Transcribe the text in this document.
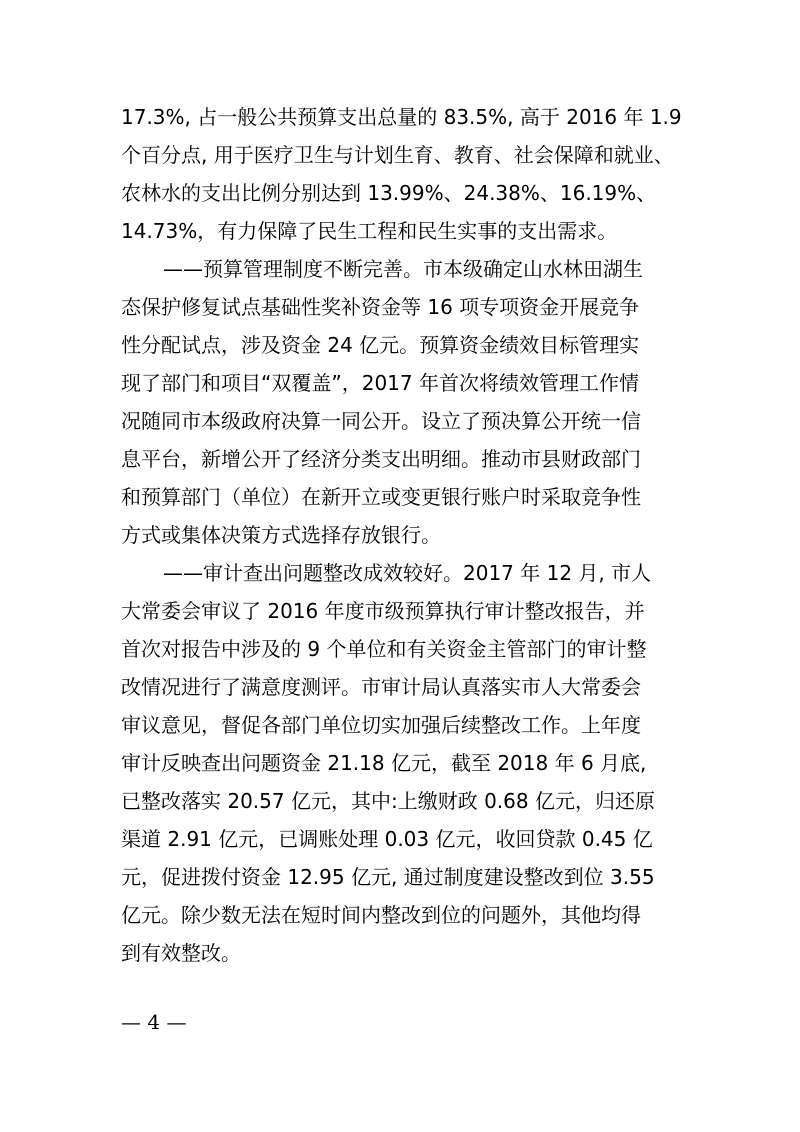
17.3%, 占一般公共预算支出总量的 83.5%, 高于 2016 年 1.9
个百分点, 用于医疗卫生与计划生育、教育、社会保障和就业、
农林水的支出比例分别达到 13.99%、24.38%、16.19%、
14.73%，有力保障了民生工程和民生实事的支出需求。
——预算管理制度不断完善。市本级确定山水林田湖生
态保护修复试点基础性奖补资金等 16 项专项资金开展竞争
性分配试点，涉及资金 24 亿元。预算资金绩效目标管理实
现了部门和项目“双覆盖”，2017 年首次将绩效管理工作情
况随同市本级政府决算一同公开。设立了预决算公开统一信
息平台，新增公开了经济分类支出明细。推动市县财政部门
和预算部门（单位）在新开立或变更银行账户时采取竞争性
方式或集体决策方式选择存放银行。
——审计查出问题整改成效较好。2017 年 12 月, 市人
大常委会审议了 2016 年度市级预算执行审计整改报告，并
首次对报告中涉及的 9 个单位和有关资金主管部门的审计整
改情况进行了满意度测评。市审计局认真落实市人大常委会
审议意见，督促各部门单位切实加强后续整改工作。上年度
审计反映查出问题资金 21.18 亿元，截至 2018 年 6 月底,
已整改落实 20.57 亿元，其中:上缴财政 0.68 亿元，归还原
渠道 2.91 亿元，已调账处理 0.03 亿元，收回贷款 0.45 亿
元，促进拨付资金 12.95 亿元, 通过制度建设整改到位 3.55
亿元。除少数无法在短时间内整改到位的问题外，其他均得
到有效整改。
— 4 —
